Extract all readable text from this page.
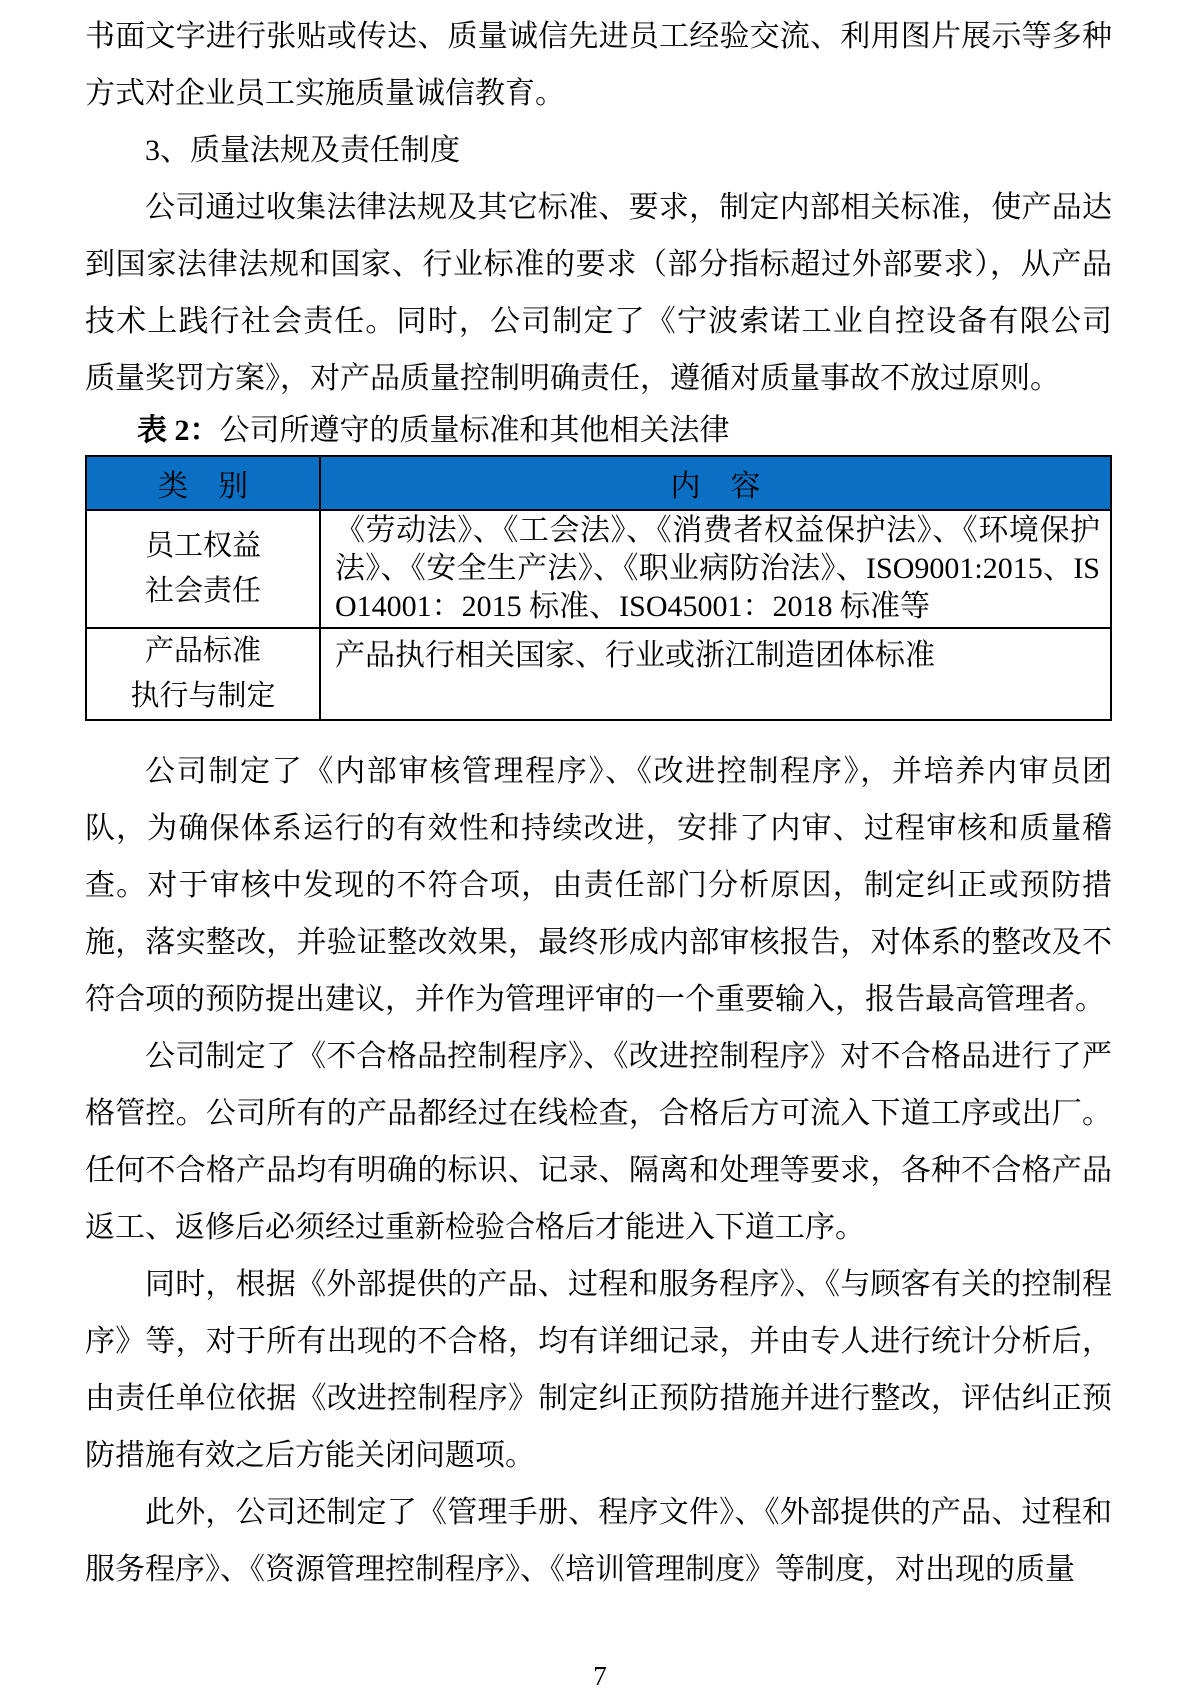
书面文字进行张贴或传达、质量诚信先进员工经验交流、利用图片展示等多种方式对企业员工实施质量诚信教育。

3、质量法规及责任制度

公司通过收集法律法规及其它标准、要求，制定内部相关标准，使产品达到国家法律法规和国家、行业标准的要求（部分指标超过外部要求），从产品技术上践行社会责任。同时，公司制定了《宁波索诺工业自控设备有限公司 质量奖罚方案》，对产品质量控制明确责任，遵循对质量事故不放过原则。

表 2：公司所遵守的质量标准和其他相关法律

类　别	内　容

员工权益
社会责任	《劳动法》、《工会法》、《消费者权益保护法》、《环境保护法》、《安全生产法》、《职业病防治法》、ISO9001:2015、ISO14001：2015 标准、ISO45001：2018 标准等

产品标准
执行与制定	产品执行相关国家、行业或浙江制造团体标准

公司制定了《内部审核管理程序》、《改进控制程序》，并培养内审员团队，为确保体系运行的有效性和持续改进，安排了内审、过程审核和质量稽查。对于审核中发现的不符合项，由责任部门分析原因，制定纠正或预防措施，落实整改，并验证整改效果，最终形成内部审核报告，对体系的整改及不符合项的预防提出建议，并作为管理评审的一个重要输入，报告最高管理者。

公司制定了《不合格品控制程序》、《改进控制程序》对不合格品进行了严格管控。公司所有的产品都经过在线检查，合格后方可流入下道工序或出厂。任何不合格产品均有明确的标识、记录、隔离和处理等要求，各种不合格产品返工、返修后必须经过重新检验合格后才能进入下道工序。

同时，根据《外部提供的产品、过程和服务程序》、《与顾客有关的控制程序》等，对于所有出现的不合格，均有详细记录，并由专人进行统计分析后，由责任单位依据《改进控制程序》制定纠正预防措施并进行整改，评估纠正预防措施有效之后方能关闭问题项。

此外，公司还制定了《管理手册、程序文件》、《外部提供的产品、过程和服务程序》、《资源管理控制程序》、《培训管理制度》等制度，对出现的质量

7
